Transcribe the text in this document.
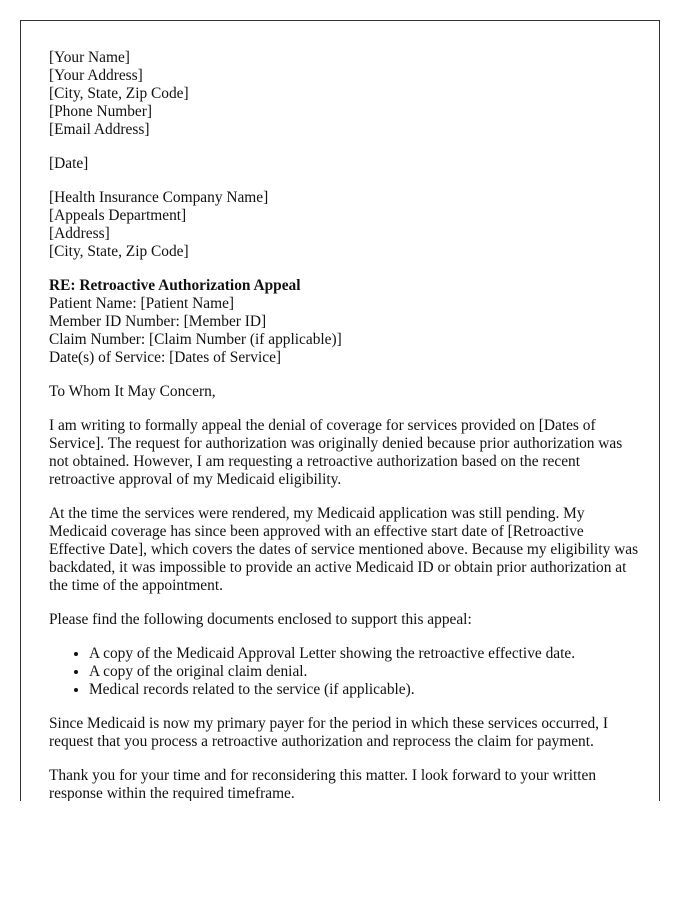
[Your Name]
[Your Address]
[City, State, Zip Code]
[Phone Number]
[Email Address]
[Date]
[Health Insurance Company Name]
[Appeals Department]
[Address]
[City, State, Zip Code]
RE: Retroactive Authorization Appeal
Patient Name: [Patient Name]
Member ID Number: [Member ID]
Claim Number: [Claim Number (if applicable)]
Date(s) of Service: [Dates of Service]

To Whom It May Concern,

I am writing to formally appeal the denial of coverage for services provided on [Dates of Service]. The request for authorization was originally denied because prior authorization was not obtained. However, I am requesting a retroactive authorization based on the recent retroactive approval of my Medicaid eligibility.

At the time the services were rendered, my Medicaid application was still pending. My Medicaid coverage has since been approved with an effective start date of [Retroactive Effective Date], which covers the dates of service mentioned above. Because my eligibility was backdated, it was impossible to provide an active Medicaid ID or obtain prior authorization at the time of the appointment.

Please find the following documents enclosed to support this appeal:

• A copy of the Medicaid Approval Letter showing the retroactive effective date.
• A copy of the original claim denial.
• Medical records related to the service (if applicable).

Since Medicaid is now my primary payer for the period in which these services occurred, I request that you process a retroactive authorization and reprocess the claim for payment.

Thank you for your time and for reconsidering this matter. I look forward to your written response within the required timeframe.
